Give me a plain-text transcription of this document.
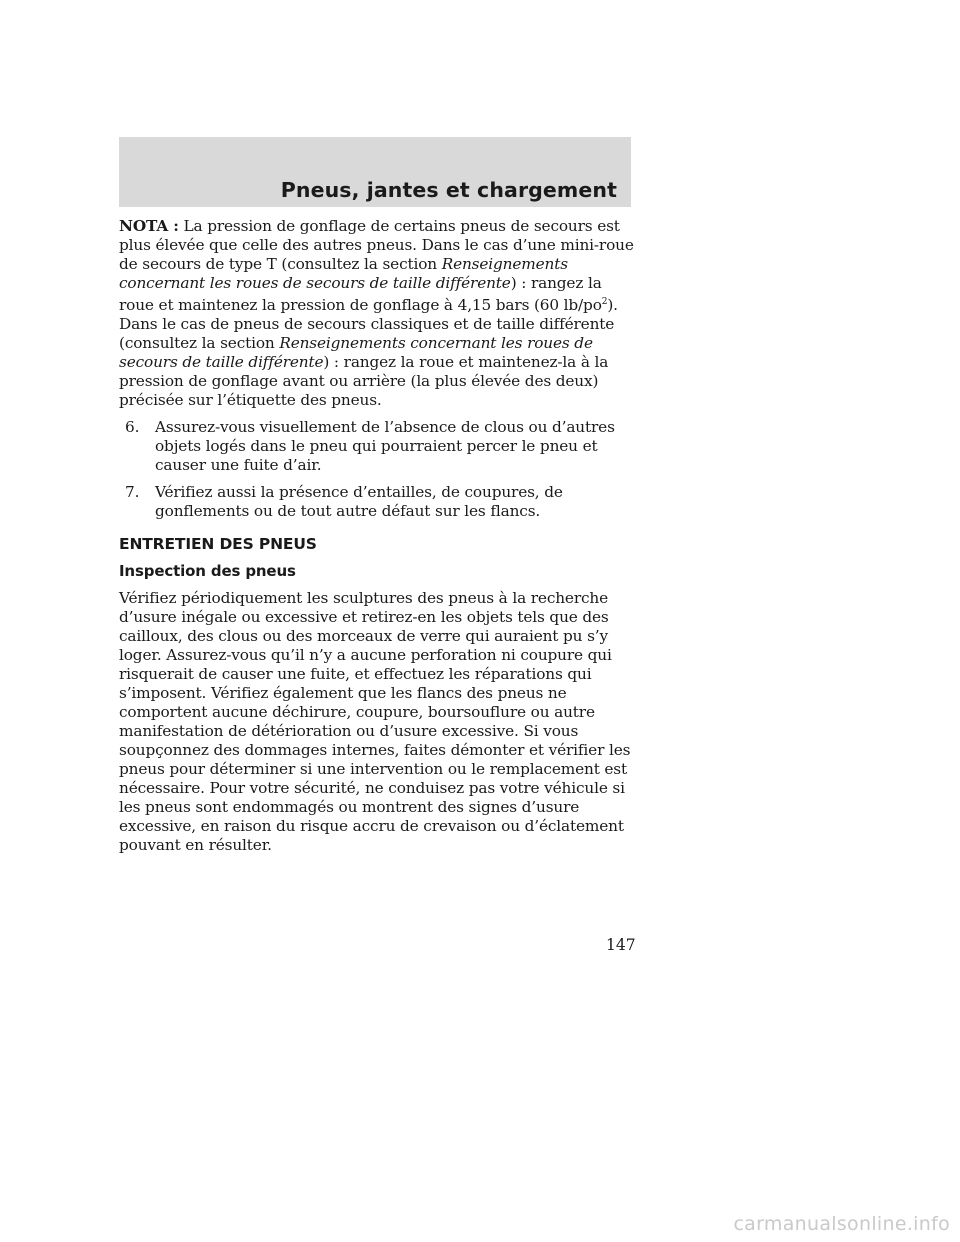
Pneus, jantes et chargement

NOTA : La pression de gonflage de certains pneus de secours est plus élevée que celle des autres pneus. Dans le cas d’une mini-roue de secours de type T (consultez la section Renseignements concernant les roues de secours de taille différente) : rangez la roue et maintenez la pression de gonflage à 4,15 bars (60 $lb/po^2$). Dans le cas de pneus de secours classiques et de taille différente (consultez la section Renseignements concernant les roues de secours de taille différente) : rangez la roue et maintenez-la à la pression de gonflage avant ou arrière (la plus élevée des deux) précisée sur l’étiquette des pneus.

6. Assurez-vous visuellement de l’absence de clous ou d’autres objets logés dans le pneu qui pourraient percer le pneu et causer une fuite d’air.
7. Vérifiez aussi la présence d’entailles, de coupures, de gonflements ou de tout autre défaut sur les flancs.
ENTRETIEN DES PNEUS
Inspection des pneus

Vérifiez périodiquement les sculptures des pneus à la recherche d’usure inégale ou excessive et retirez-en les objets tels que des cailloux, des clous ou des morceaux de verre qui auraient pu s’y loger. Assurez-vous qu’il n’y a aucune perforation ni coupure qui risquerait de causer une fuite, et effectuez les réparations qui s’imposent. Vérifiez également que les flancs des pneus ne comportent aucune déchirure, coupure, boursouflure ou autre manifestation de détérioration ou d’usure excessive. Si vous soupçonnez des dommages internes, faites démonter et vérifier les pneus pour déterminer si une intervention ou le remplacement est nécessaire. Pour votre sécurité, ne conduisez pas votre véhicule si les pneus sont endommagés ou montrent des signes d’usure excessive, en raison du risque accru de crevaison ou d’éclatement pouvant en résulter.

147
carmanualsonline.info
